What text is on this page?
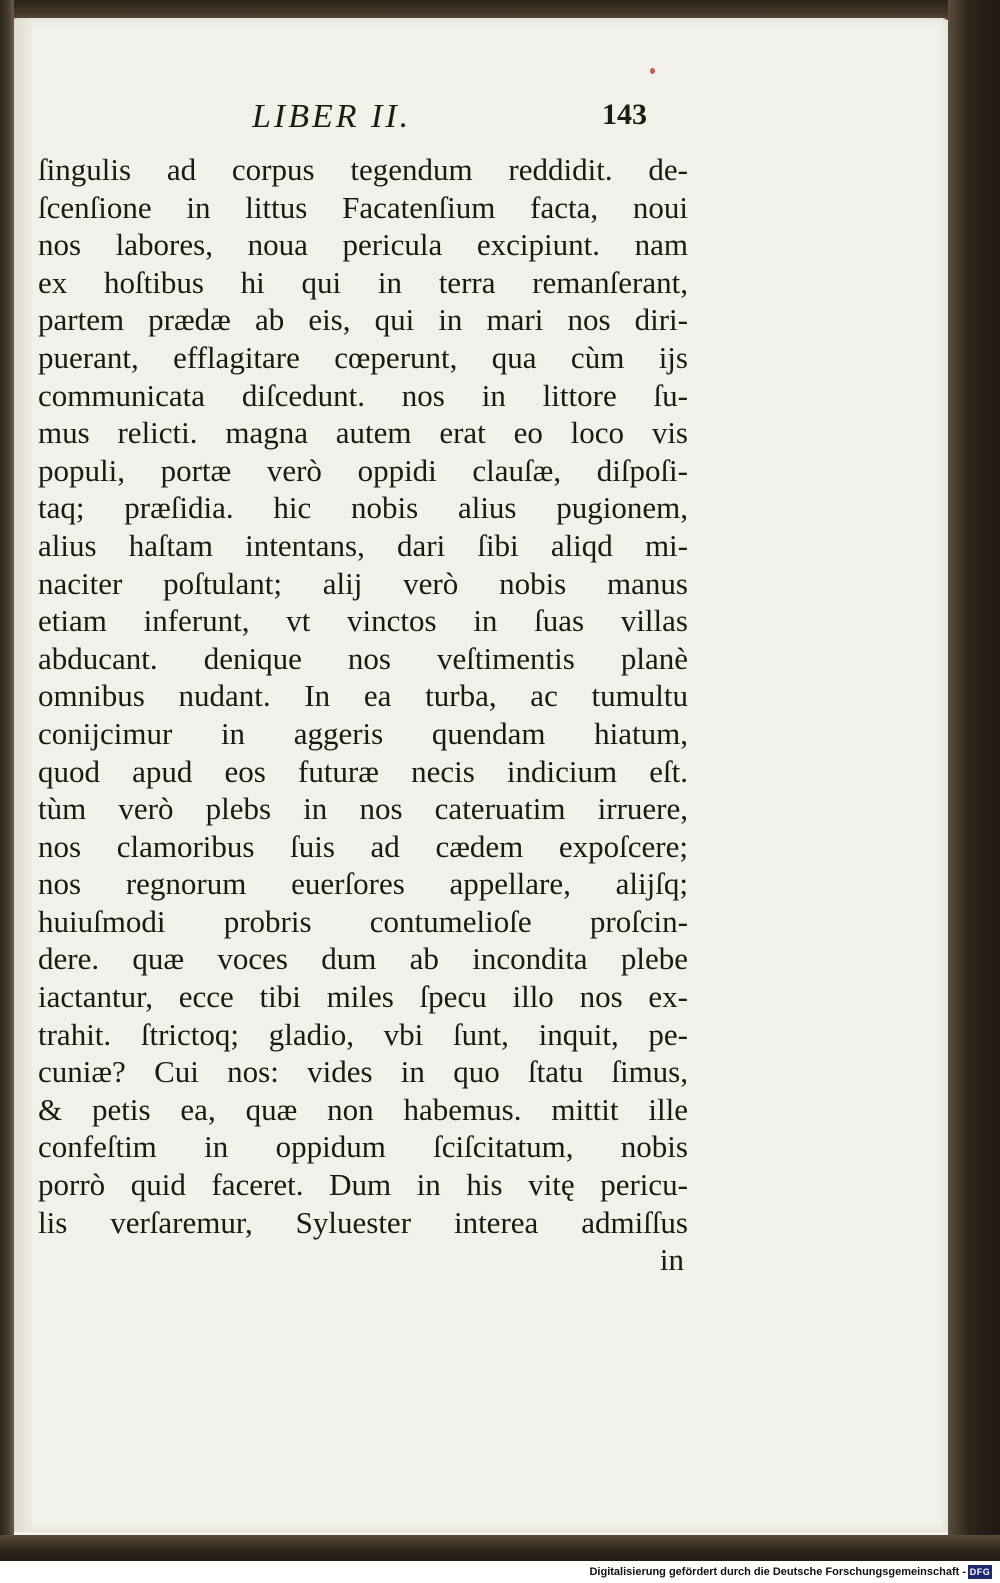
LIBER II.	143
ſingulis ad corpus tegendum reddidit. de-
ſcenſione in littus Facatenſium facta, noui
nos labores, noua pericula excipiunt. nam
ex hoſtibus hi qui in terra remanſerant,
partem prædæ ab eis, qui in mari nos diri-
puerant, efflagitare cœperunt, qua cùm ijs
communicata diſcedunt. nos in littore ſu-
mus relicti. magna autem erat eo loco vis
populi, portæ verò oppidi clauſæ, diſpoſi-
taq; præſidia. hic nobis alius pugionem,
alius haſtam intentans, dari ſibi aliqd mi-
naciter poſtulant; alij verò nobis manus
etiam inferunt, vt vinctos in ſuas villas
abducant. denique nos veſtimentis planè
omnibus nudant. In ea turba, ac tumultu
conijcimur in aggeris quendam hiatum,
quod apud eos futuræ necis indicium eſt.
tùm verò plebs in nos cateruatim irruere,
nos clamoribus ſuis ad cædem expoſcere;
nos regnorum euerſores appellare, alijſq;
huiuſmodi probris contumelioſe proſcin-
dere. quæ voces dum ab incondita plebe
iactantur, ecce tibi miles ſpecu illo nos ex-
trahit. ſtrictoq; gladio, vbi ſunt, inquit, pe-
cuniæ? Cui nos: vides in quo ſtatu ſimus,
& petis ea, quæ non habemus. mittit ille
confeſtim in oppidum ſciſcitatum, nobis
porrò quid faceret. Dum in his vitę pericu-
lis verſaremur, Syluester interea admiſſus
in
Digitalisierung gefördert durch die Deutsche Forschungsgemeinschaft - DFG
